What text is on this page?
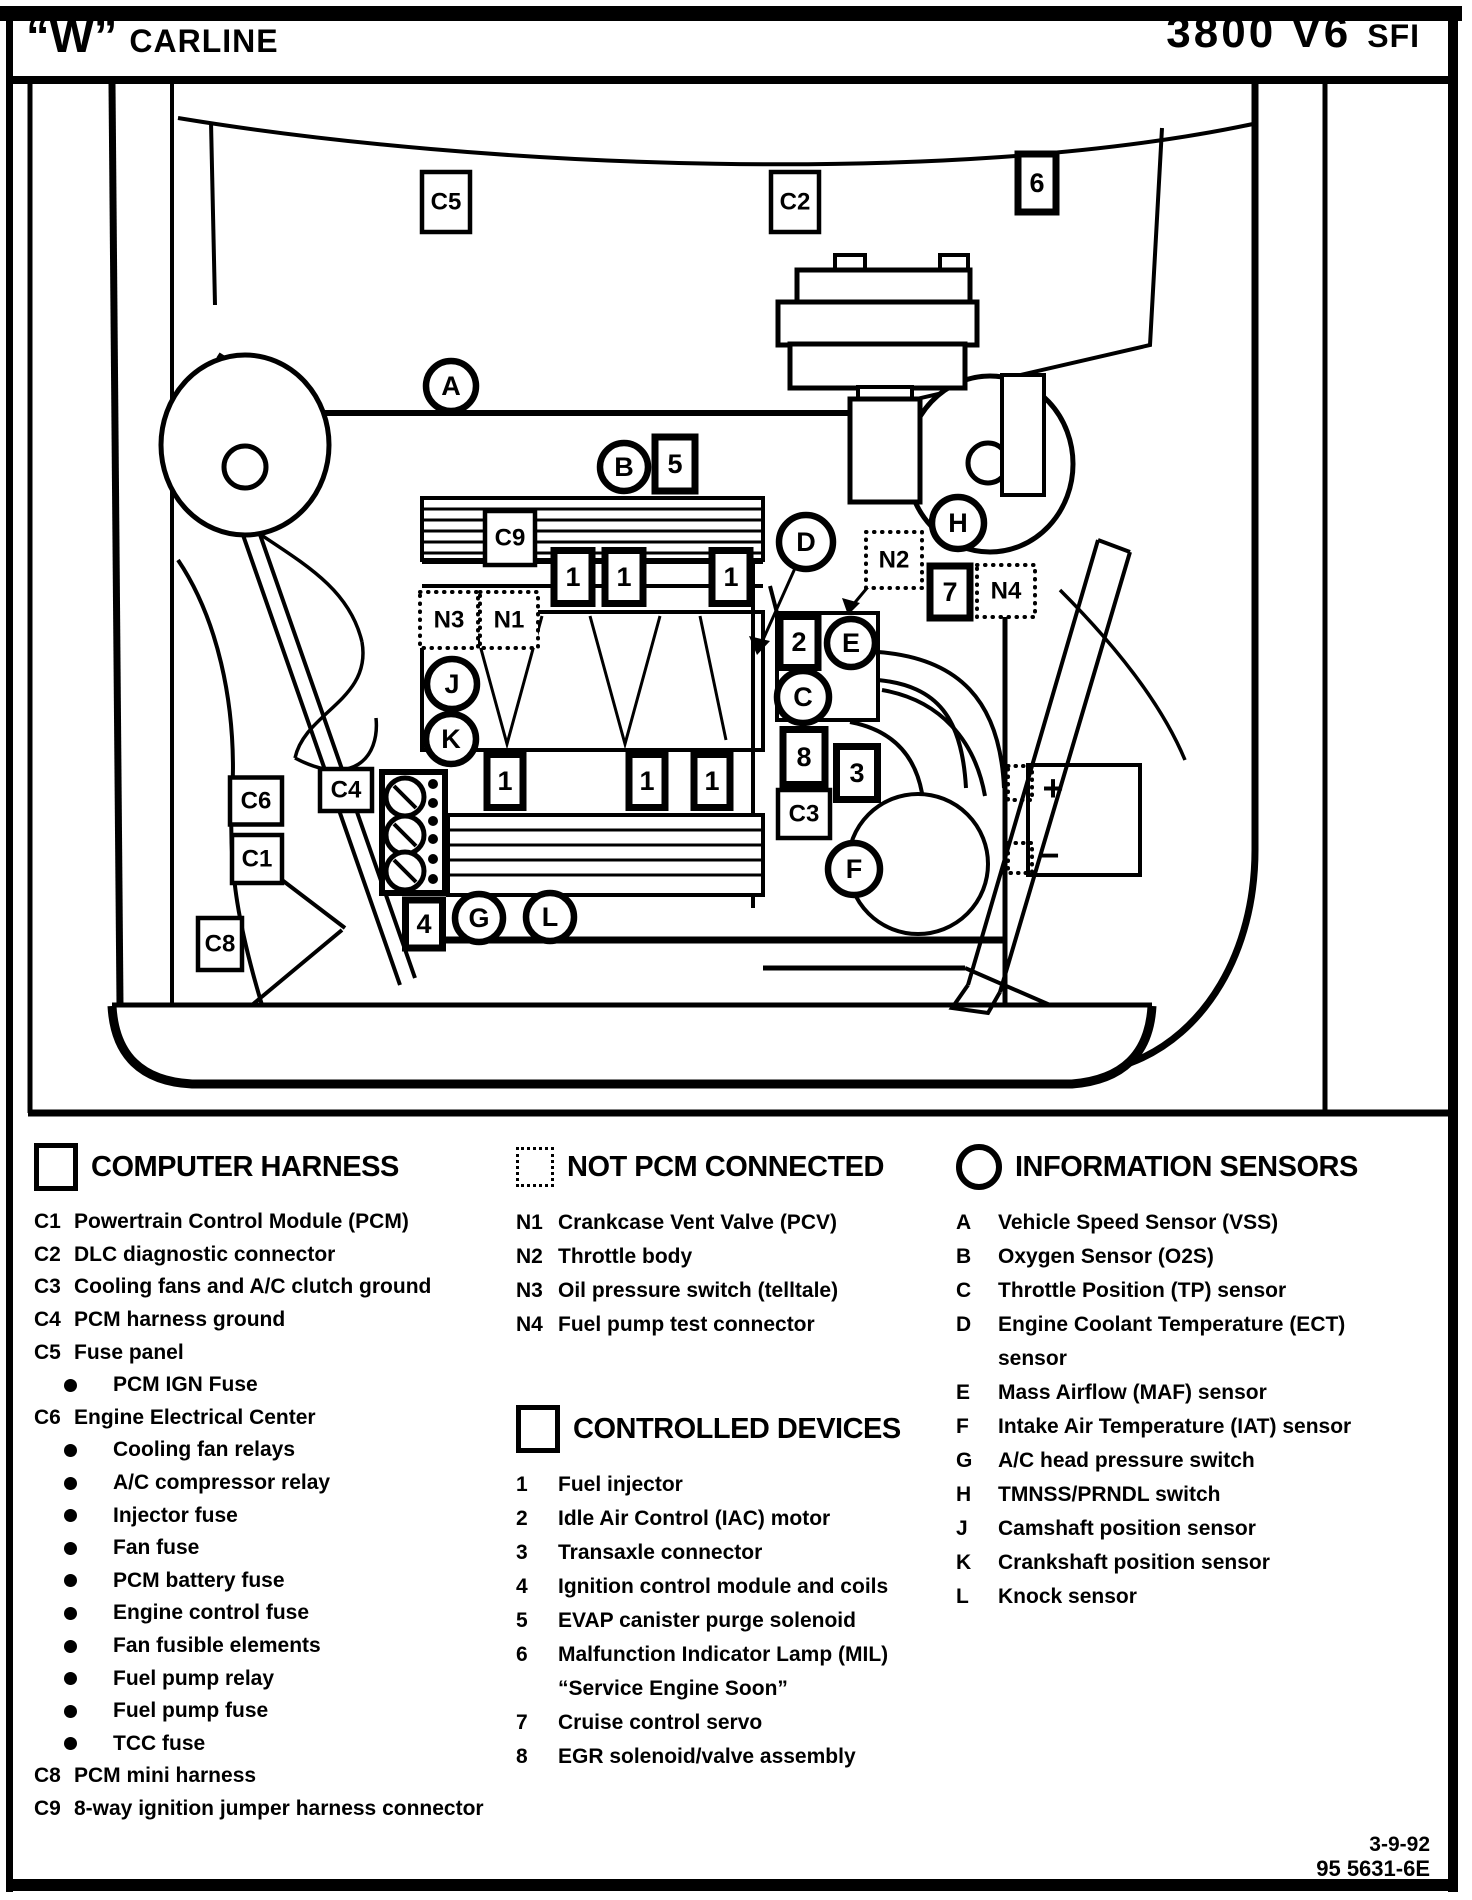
“W” CARLINE	3800 V6 SFI
C5	C2
6
A
B 5
C9
1 1	1
N3 N1
D
N2
H
7 N4
2 E
C
J
K
8
3
C3
F
1	1 1
C6
C1
C4
C8
4 G L
+
−
COMPUTER HARNESS
C1 Powertrain Control Module (PCM)
C2 DLC diagnostic connector
C3 Cooling fans and A/C clutch ground
C4 PCM harness ground
C5 Fuse panel
PCM IGN Fuse
C6 Engine Electrical Center
Cooling fan relays
A/C compressor relay
Injector fuse
Fan fuse
PCM battery fuse
Engine control fuse
Fan fusible elements
Fuel pump relay
Fuel pump fuse
TCC fuse
C8 PCM mini harness
C9 8-way ignition jumper harness connector
NOT PCM CONNECTED
N1 Crankcase Vent Valve (PCV)
N2 Throttle body
N3 Oil pressure switch (telltale)
N4 Fuel pump test connector
CONTROLLED DEVICES
1	Fuel injector
2	Idle Air Control (IAC) motor
3	Transaxle connector
4	Ignition control module and coils
5	EVAP canister purge solenoid
6	Malfunction Indicator Lamp (MIL)
“Service Engine Soon”
7	Cruise control servo
8	EGR solenoid/valve assembly
INFORMATION SENSORS
A	Vehicle Speed Sensor (VSS)
B	Oxygen Sensor (O2S)
C	Throttle Position (TP) sensor
D	Engine Coolant Temperature (ECT)
sensor
E	Mass Airflow (MAF) sensor
F	Intake Air Temperature (IAT) sensor
G	A/C head pressure switch
H	TMNSS/PRNDL switch
J	Camshaft position sensor
K	Crankshaft position sensor
L	Knock sensor
3-9-92
95 5631-6E
